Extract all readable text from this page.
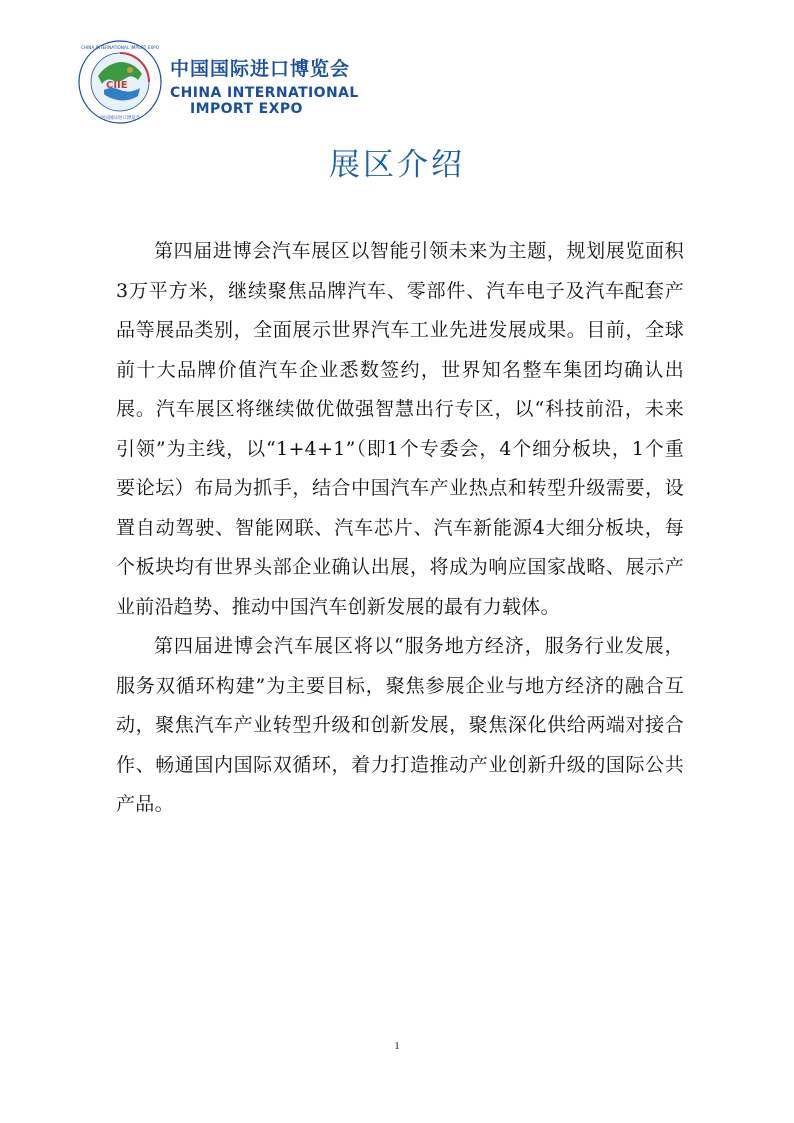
CIIE
CHINA INTERNATIONAL IMPORT EXPO
中国国际进口博览会
中国国际进口博览会
CHINA INTERNATIONAL
IMPORT EXPO
展区介绍

第四届进博会汽车展区以智能引领未来为主题，规划展览面积3万平方米，继续聚焦品牌汽车、零部件、汽车电子及汽车配套产品等展品类别，全面展示世界汽车工业先进发展成果。目前，全球前十大品牌价值汽车企业悉数签约，世界知名整车集团均确认出展。汽车展区将继续做优做强智慧出行专区，以“科技前沿，未来引领”为主线，以“1+4+1”（即1个专委会，4个细分板块，1个重要论坛）布局为抓手，结合中国汽车产业热点和转型升级需要，设置自动驾驶、智能网联、汽车芯片、汽车新能源4大细分板块，每个板块均有世界头部企业确认出展，将成为响应国家战略、展示产业前沿趋势、推动中国汽车创新发展的最有力载体。

第四届进博会汽车展区将以“服务地方经济，服务行业发展，服务双循环构建”为主要目标，聚焦参展企业与地方经济的融合互动，聚焦汽车产业转型升级和创新发展，聚焦深化供给两端对接合作、畅通国内国际双循环，着力打造推动产业创新升级的国际公共产品。

1
